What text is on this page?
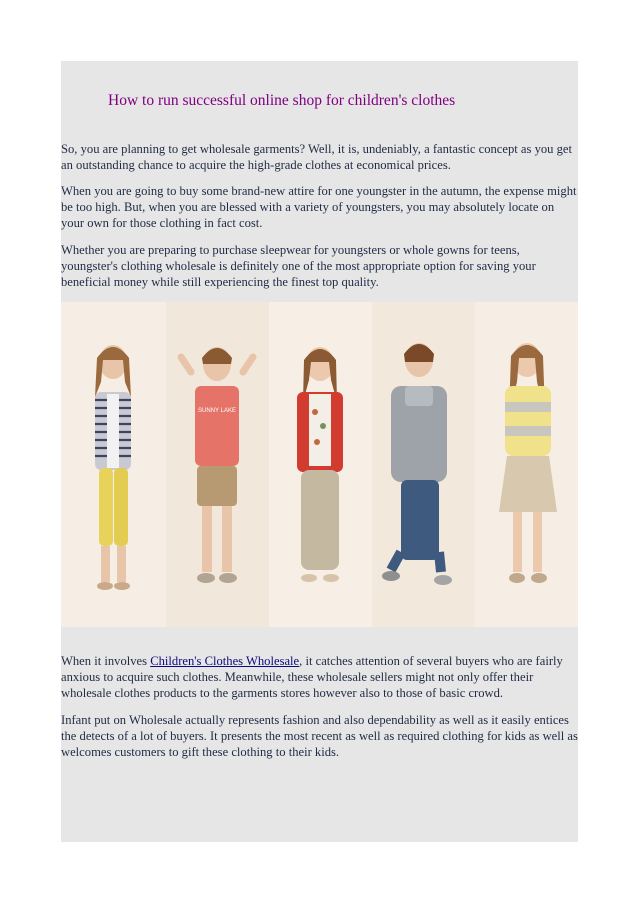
How to run successful online shop for children's clothes

So, you are planning to get wholesale garments? Well, it is, undeniably, a fantastic concept as you get an outstanding chance to acquire the high-grade clothes at economical prices.

When you are going to buy some brand-new attire for one youngster in the autumn, the expense might be too high. But, when you are blessed with a variety of youngsters, you may absolutely locate on your own for those clothing in fact cost.

Whether you are preparing to purchase sleepwear for youngsters or whole gowns for teens, youngster's clothing wholesale is definitely one of the most appropriate option for saving your beneficial money while still experiencing the finest top quality.

SUNNY LAKE

When it involves Children's Clothes Wholesale, it catches attention of several buyers who are fairly anxious to acquire such clothes. Meanwhile, these wholesale sellers might not only offer their wholesale clothes products to the garments stores however also to those of basic crowd.

Infant put on Wholesale actually represents fashion and also dependability as well as it easily entices the detects of a lot of buyers. It presents the most recent as well as required clothing for kids as well as welcomes customers to gift these clothing to their kids.
